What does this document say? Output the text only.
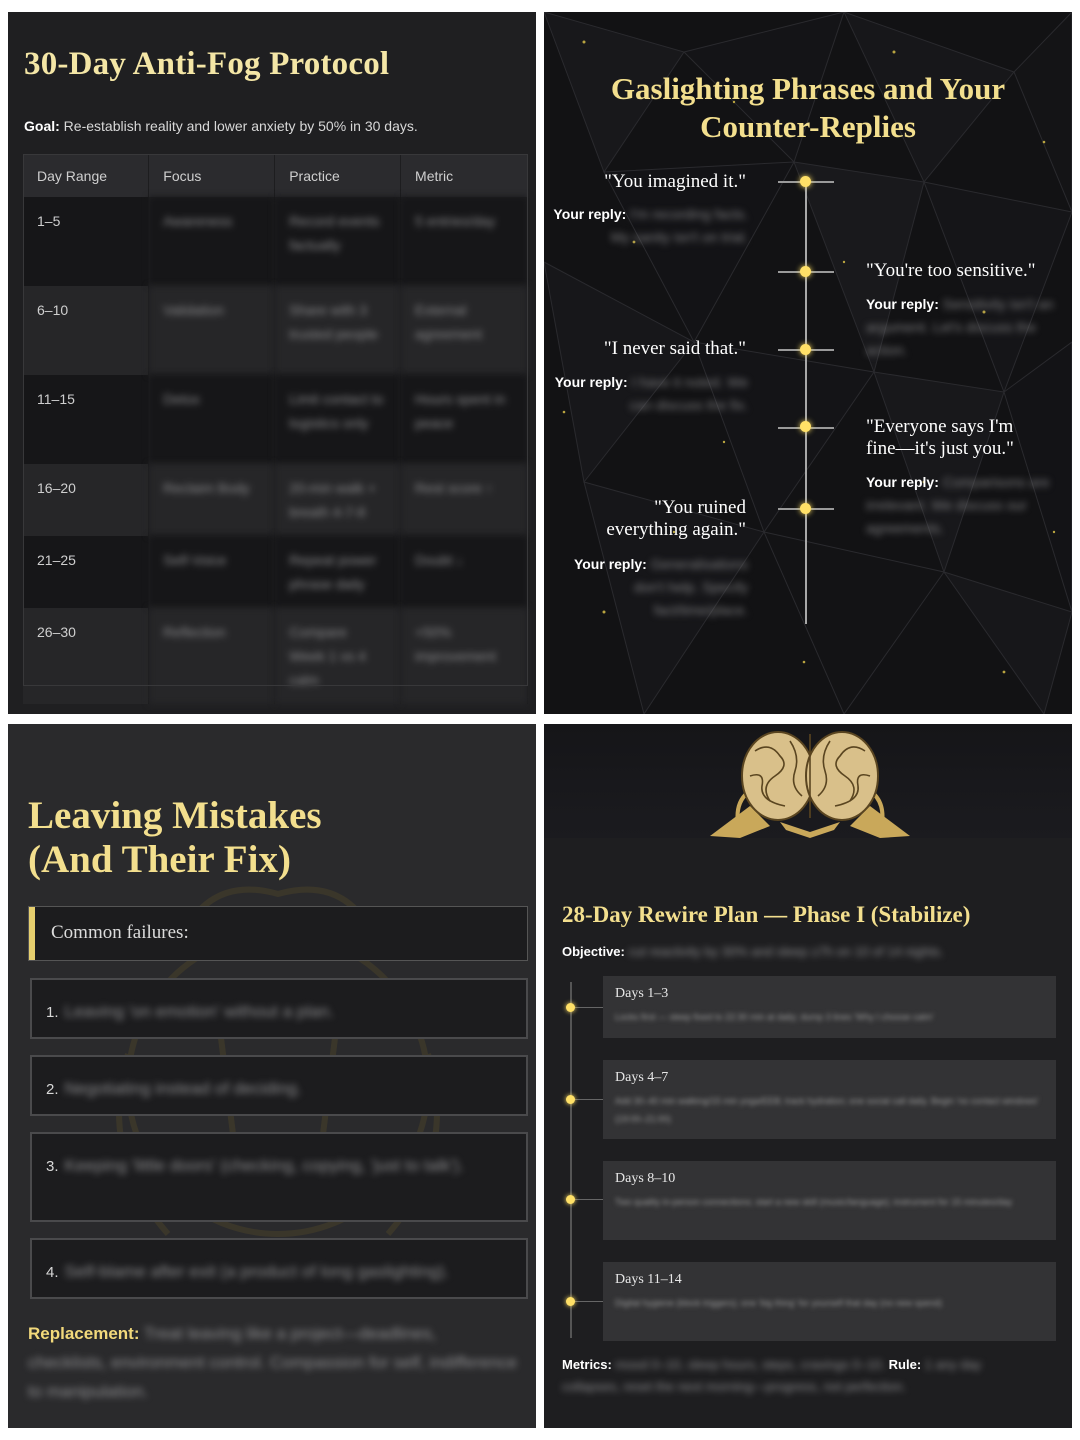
30-Day Anti-Fog Protocol

Goal: Re-establish reality and lower anxiety by 50% in 30 days.

Day Range	Focus	Practice	Metric
1–5	Awareness	Record events factually	5 entries/day
6–10	Validation	Share with 3 trusted people	External agreement
11–15	Detox	Limit contact to logistics only	Hours spent in peace
16–20	Reclaim Body	20-min walk + breath 4-7-8	Rest score ↑
21–25	Self-Voice	Repeat power phrase daily	Doubt ↓
26–30	Reflection	Compare Week 1 vs 4 calm	+50% improvement
Gaslighting Phrases and Your
Counter-Replies
"You imagined it."
Your reply: I'm recording facts. My sanity isn't on trial.
"You're too sensitive."
Your reply: Sensitivity isn't an argument. Let's discuss the action.
"I never said that."
Your reply: I have it noted. We can discuss the fix.
"Everyone says I'm
fine—it's just you."
Your reply: Comparisons are irrelevant. We discuss our agreements.
"You ruined
everything again."
Your reply: Generalisations don't help. Specify fact/time/place.
Leaving Mistakes
(And Their Fix)
Common failures:
1. Leaving 'on emotion' without a plan.
2. Negotiating instead of deciding.
3. Keeping 'little doors' (checking, copying, 'just to talk').
4. Self-blame after exit (a product of long gaslighting).

Replacement: Treat leaving like a project—deadlines, checklists, environment control. Compassion for self, indifference to manipulation.

28-Day Rewire Plan — Phase I (Stabilize)

Objective: cut reactivity by 30% and sleep ≥7h on 10 of 14 nights.

Days 1–3
Locks first — sleep fixed to 22:30 min at daily; dump 3 lines 'Why I choose calm'
Days 4–7
Add 30–40 min walking/15 min yoga/EEB; track hydration; one social call daily. Begin 'no contact windows' (19:00–21:00)
Days 8–10
Two quality in-person connections; start a new skill (music/language); instrument for 15 minutes/day
Days 11–14
Digital hygiene (block triggers); one 'big thing' for yourself that day (no new spend)

Metrics: mood 0–10, sleep hours, steps, cravings 0–10. Rule: 1 any day collapses, reset the next morning—progress, not perfection.
